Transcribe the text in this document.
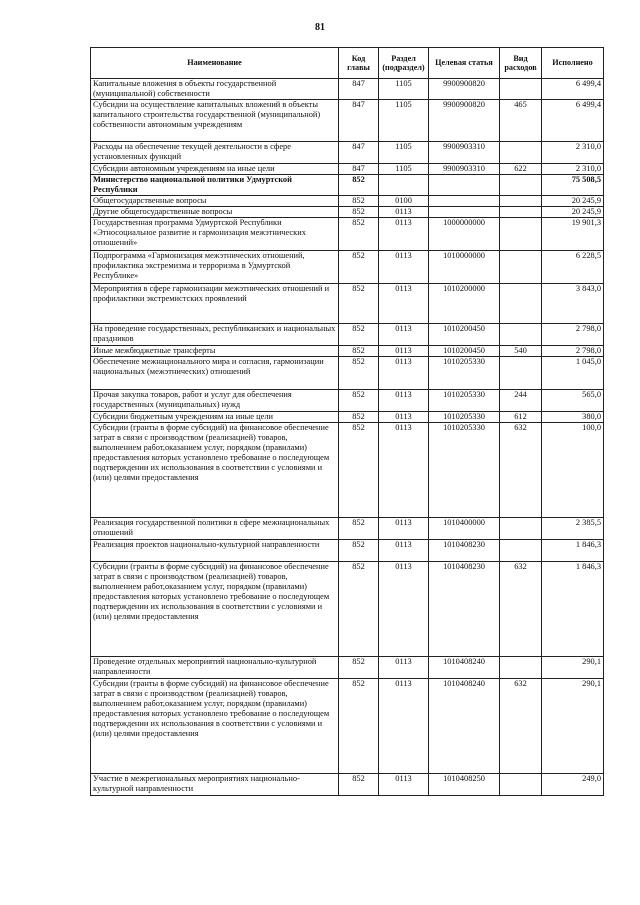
81
Наименование	Код главы	Раздел (подраздел)	Целевая статья	Вид расходов	Исполнено
Капитальные вложения в объекты государственной (муниципальной) собственности	847	1105	9900900820		6 499,4
Субсидии на осуществление капитальных вложений в объекты капитального строительства государственной (муниципальной) собственности автономным учреждениям	847	1105	9900900820	465	6 499,4
Расходы на обеспечение текущей деятельности в сфере установленных функций	847	1105	9900903310		2 310,0
Субсидии автономным учреждениям на иные цели	847	1105	9900903310	622	2 310,0
Министерство национальной политики Удмуртской Республики	852				75 508,5
Общегосударственные вопросы	852	0100			20 245,9
Другие общегосударственные вопросы	852	0113			20 245,9
Государственная программа Удмуртской Республики «Этносоциальное развитие и гармонизация межэтнических отношений»	852	0113	1000000000		19 901,3
Подпрограмма «Гармонизация межэтнических отношений, профилактика экстремизма и терроризма в Удмуртской Республике»	852	0113	1010000000		6 228,5
Мероприятия в сфере гармонизации межэтнических отношений и профилактики экстремистских проявлений	852	0113	1010200000		3 843,0
На проведение государственных, республиканских и национальных праздников	852	0113	1010200450		2 798,0
Иные межбюджетные трансферты	852	0113	1010200450	540	2 798,0
Обеспечение межнационального мира и согласия, гармонизации национальных (межэтнических) отношений	852	0113	1010205330		1 045,0
Прочая закупка товаров, работ и услуг для обеспечения государственных (муниципальных) нужд	852	0113	1010205330	244	565,0
Субсидии бюджетным учреждениям на иные цели	852	0113	1010205330	612	380,0
Субсидии (гранты в форме субсидий) на финансовое обеспечение затрат в связи с производством (реализацией) товаров, выполнением работ,оказанием услуг, порядком (правилами) предоставления которых установлено требование о последующем подтверждении их использования в соответствии с условиями и (или) целями предоставления	852	0113	1010205330	632	100,0
Реализация государственной политики в сфере межнациональных отношений	852	0113	1010400000		2 385,5
Реализация проектов национально-культурной направленности	852	0113	1010408230		1 846,3
Субсидии (гранты в форме субсидий) на финансовое обеспечение затрат в связи с производством (реализацией) товаров, выполнением работ,оказанием услуг, порядком (правилами) предоставления которых установлено требование о последующем подтверждении их использования в соответствии с условиями и (или) целями предоставления	852	0113	1010408230	632	1 846,3
Проведение отдельных мероприятий национально-культурной направленности	852	0113	1010408240		290,1
Субсидии (гранты в форме субсидий) на финансовое обеспечение затрат в связи с производством (реализацией) товаров, выполнением работ,оказанием услуг, порядком (правилами) предоставления которых установлено требование о последующем подтверждении их использования в соответствии с условиями и (или) целями предоставления	852	0113	1010408240	632	290,1
Участие в межрегиональных мероприятиях национально-культурной направленности	852	0113	1010408250		249,0
